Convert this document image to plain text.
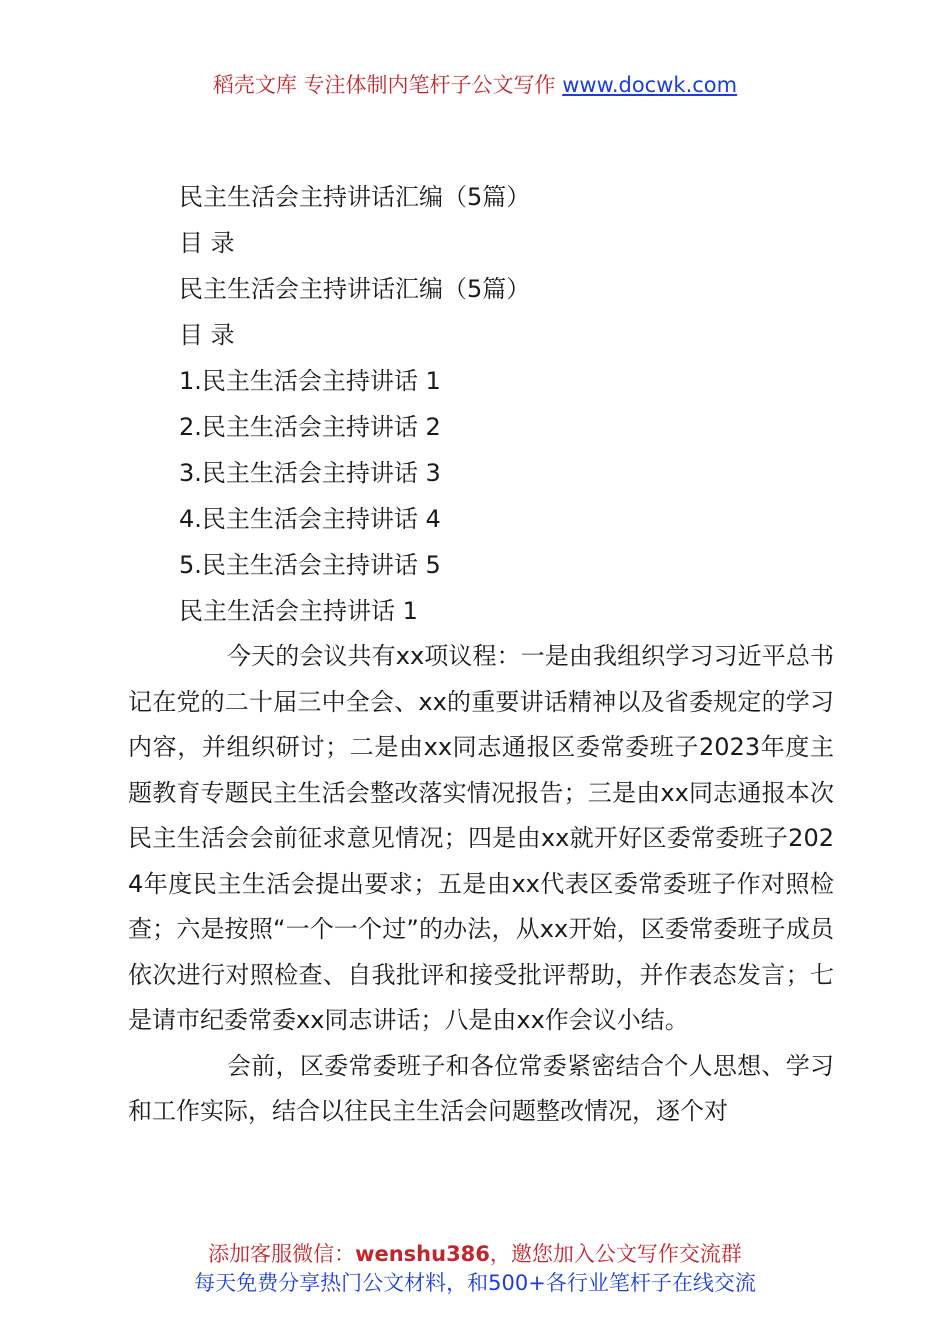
稻壳文库 专注体制内笔杆子公文写作 www.docwk.com
民主生活会主持讲话汇编（5篇）
目 录
民主生活会主持讲话汇编（5篇）
目 录
1.民主生活会主持讲话 1
2.民主生活会主持讲话 2
3.民主生活会主持讲话 3
4.民主生活会主持讲话 4
5.民主生活会主持讲话 5
民主生活会主持讲话 1

今天的会议共有xx项议程：一是由我组织学习习近平总书记在党的二十届三中全会、xx的重要讲话精神以及省委规定的学习内容，并组织研讨；二是由xx同志通报区委常委班子2023年度主题教育专题民主生活会整改落实情况报告；三是由xx同志通报本次民主生活会会前征求意见情况；四是由xx就开好区委常委班子2024年度民主生活会提出要求；五是由xx代表区委常委班子作对照检查；六是按照“一个一个过”的办法，从xx开始，区委常委班子成员依次进行对照检查、自我批评和接受批评帮助，并作表态发言；七是请市纪委常委xx同志讲话；八是由xx作会议小结。

会前，区委常委班子和各位常委紧密结合个人思想、学习和工作实际，结合以往民主生活会问题整改情况，逐个对

添加客服微信：wenshu386，邀您加入公文写作交流群
每天免费分享热门公文材料，和500+各行业笔杆子在线交流
